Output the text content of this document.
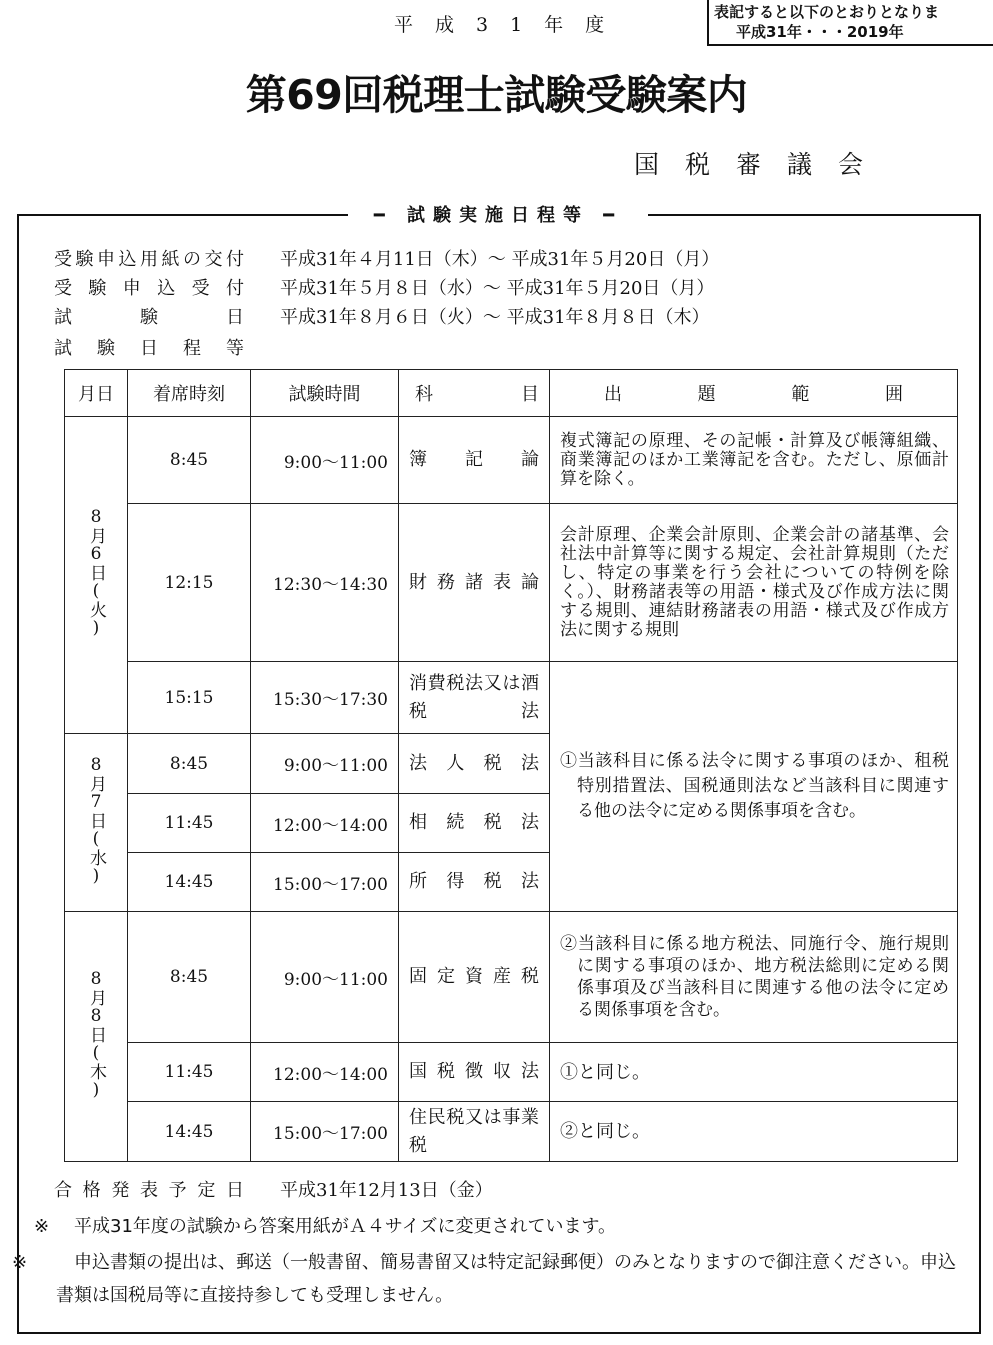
表記すると以下のとおりとなりま
平成31年・・・2019年
平成31年度
第69回税理士試験受験案内
国税審議会
━ 試験実施日程等 ━
受験申込用紙の交付 平成31年４月11日（木）～ 平成31年５月20日（月）
受験申込受付 平成31年５月８日（水）～ 平成31年５月20日（月）
試験日 平成31年８月６日（火）～ 平成31年８月８日（木）
試験日程等
月日	着席時刻	試験時間	科目	出題範囲
8月6日(火)	8:45	9:00～11:00	簿記論	複式簿記の原理、その記帳・計算及び帳簿組織、商業簿記のほか工業簿記を含む。ただし、原価計算を除く。
	12:15	12:30～14:30	財務諸表論	会計原理、企業会計原則、企業会計の諸基準、会社法中計算等に関する規定、会社計算規則（ただし、特定の事業を行う会社についての特例を除く。）、財務諸表等の用語・様式及び作成方法に関する規則、連結財務諸表の用語・様式及び作成方法に関する規則
	15:15	15:30～17:30	消費税法又は酒税法	①当該科目に係る法令に関する事項のほか、租税特別措置法、国税通則法など当該科目に関連する他の法令に定める関係事項を含む。

8月7日(水)	8:45	9:00～11:00	法人税法	
	11:45	12:00～14:00	相続税法	
	14:45	15:00～17:00	所得税法	
8月8日(木)	8:45	9:00～11:00	固定資産税	②当該科目に係る地方税法、同施行令、施行規則に関する事項のほか、地方税法総則に定める関係事項及び当該科目に関連する他の法令に定める関係事項を含む。

	11:45	12:00～14:00	国税徴収法	①と同じ。

	14:45	15:00～17:00	住民税又は事業税	②と同じ。
合格発表予定日 平成31年12月13日（金）
※ 平成31年度の試験から答案用紙がＡ４サイズに変更されています。
※	申込書類の提出は、郵送（一般書留、簡易書留又は特定記録郵便）のみとなりますので御注意ください。申込書類は国税局等に直接持参しても受理しません。
